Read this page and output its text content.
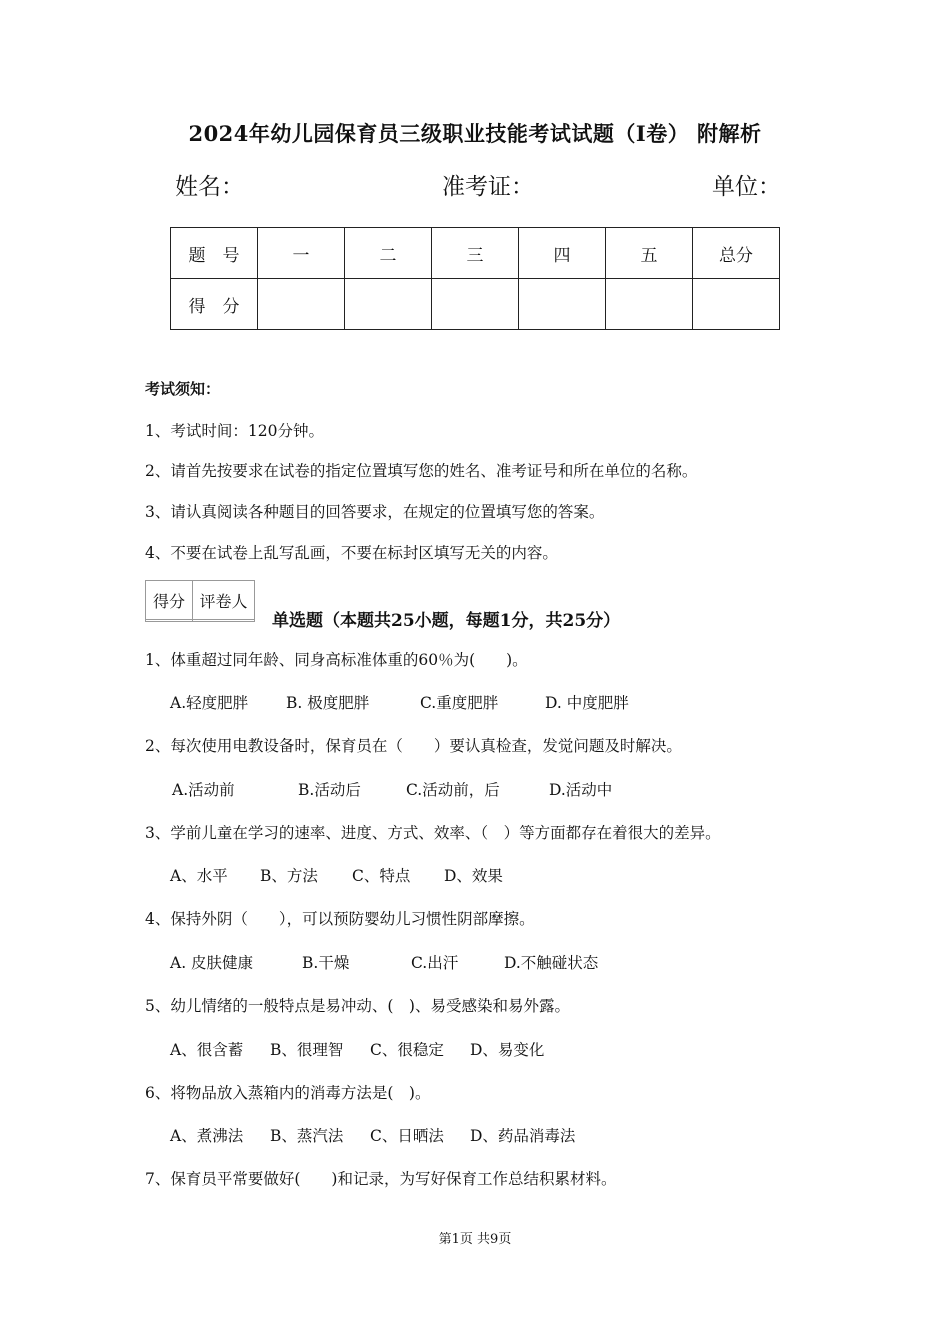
2024年幼儿园保育员三级职业技能考试试题（I卷） 附解析
姓名：	准考证：	单位：
题　号	一	二	三	四	五	总分
得　分						
考试须知：
1、考试时间：120分钟。
2、请首先按要求在试卷的指定位置填写您的姓名、准考证号和所在单位的名称。
3、请认真阅读各种题目的回答要求，在规定的位置填写您的答案。
4、不要在试卷上乱写乱画，不要在标封区填写无关的内容。
得分	评卷人

单选题（本题共25小题，每题1分，共25分）
1、体重超过同年龄、同身高标准体重的60％为(　　)。
A.轻度肥胖 B. 极度肥胖	C.重度肥胖	D. 中度肥胖
2、每次使用电教设备时，保育员在（　　）要认真检查，发觉问题及时解决。
A.活动前	B.活动后	C.活动前，后	D.活动中
3、学前儿童在学习的速率、进度、方式、效率、（　）等方面都存在着很大的差异。
A、水平 B、方法 C、特点 D、效果
4、保持外阴（　　），可以预防婴幼儿习惯性阴部摩擦。
A. 皮肤健康	B.干燥	C.出汗	D.不触碰状态
5、幼儿情绪的一般特点是易冲动、(　)、易受感染和易外露。
A、很含蓄 B、很理智 C、很稳定 D、易变化
6、将物品放入蒸箱内的消毒方法是(　)。
A、煮沸法 B、蒸汽法 C、日晒法 D、药品消毒法
7、保育员平常要做好(　　)和记录，为写好保育工作总结积累材料。
第1页 共9页
